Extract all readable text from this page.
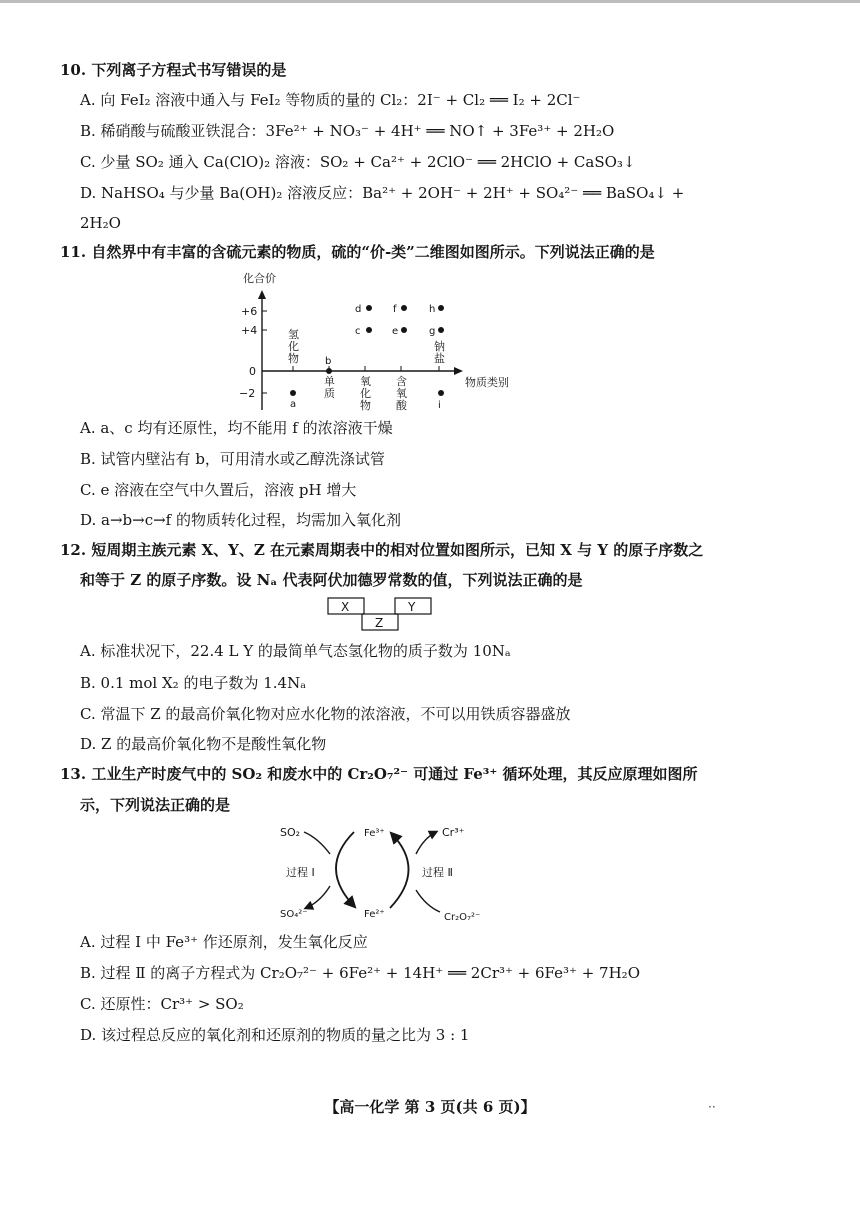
10. 下列离子方程式书写错误的是
A. 向 FeI₂ 溶液中通入与 FeI₂ 等物质的量的 Cl₂：2I⁻ + Cl₂ ══ I₂ + 2Cl⁻
B. 稀硝酸与硫酸亚铁混合：3Fe²⁺ + NO₃⁻ + 4H⁺ ══ NO↑ + 3Fe³⁺ + 2H₂O
C. 少量 SO₂ 通入 Ca(ClO)₂ 溶液：SO₂ + Ca²⁺ + 2ClO⁻ ══ 2HClO + CaSO₃↓
D. NaHSO₄ 与少量 Ba(OH)₂ 溶液反应：Ba²⁺ + 2OH⁻ + 2H⁺ + SO₄²⁻ ══ BaSO₄↓ +
2H₂O
11. 自然界中有丰富的含硫元素的物质，硫的“价-类”二维图如图所示。下列说法正确的是
化合价
物质类别
+6
+4
0
−2
氢
化
物
单
质
氧
化
物
含
氧
酸
钠
盐
a
b
c
d
e
f
g
h
i
A. a、c 均有还原性，均不能用 f 的浓溶液干燥
B. 试管内壁沾有 b，可用清水或乙醇洗涤试管
C. e 溶液在空气中久置后，溶液 pH 增大
D. a→b→c→f 的物质转化过程，均需加入氧化剂
12. 短周期主族元素 X、Y、Z 在元素周期表中的相对位置如图所示，已知 X 与 Y 的原子序数之
和等于 Z 的原子序数。设 Nₐ 代表阿伏加德罗常数的值，下列说法正确的是
X	Y
Z
A. 标准状况下，22.4 L Y 的最简单气态氢化物的质子数为 10Nₐ
B. 0.1 mol X₂ 的电子数为 1.4Nₐ
C. 常温下 Z 的最高价氧化物对应水化物的浓溶液，不可以用铁质容器盛放
D. Z 的最高价氧化物不是酸性氧化物
13. 工业生产时废气中的 SO₂ 和废水中的 Cr₂O₇²⁻ 可通过 Fe³⁺ 循环处理，其反应原理如图所
示，下列说法正确的是
SO₂
SO₄²⁻
Fe³⁺
Fe²⁺
Cr³⁺
Cr₂O₇²⁻
过程 Ⅰ	过程 Ⅱ
A. 过程 Ⅰ 中 Fe³⁺ 作还原剂，发生氧化反应
B. 过程 Ⅱ 的离子方程式为 Cr₂O₇²⁻ + 6Fe²⁺ + 14H⁺ ══ 2Cr³⁺ + 6Fe³⁺ + 7H₂O
C. 还原性：Cr³⁺ > SO₂
D. 该过程总反应的氧化剂和还原剂的物质的量之比为 3 : 1
【高一化学 第 3 页(共 6 页)】	··
